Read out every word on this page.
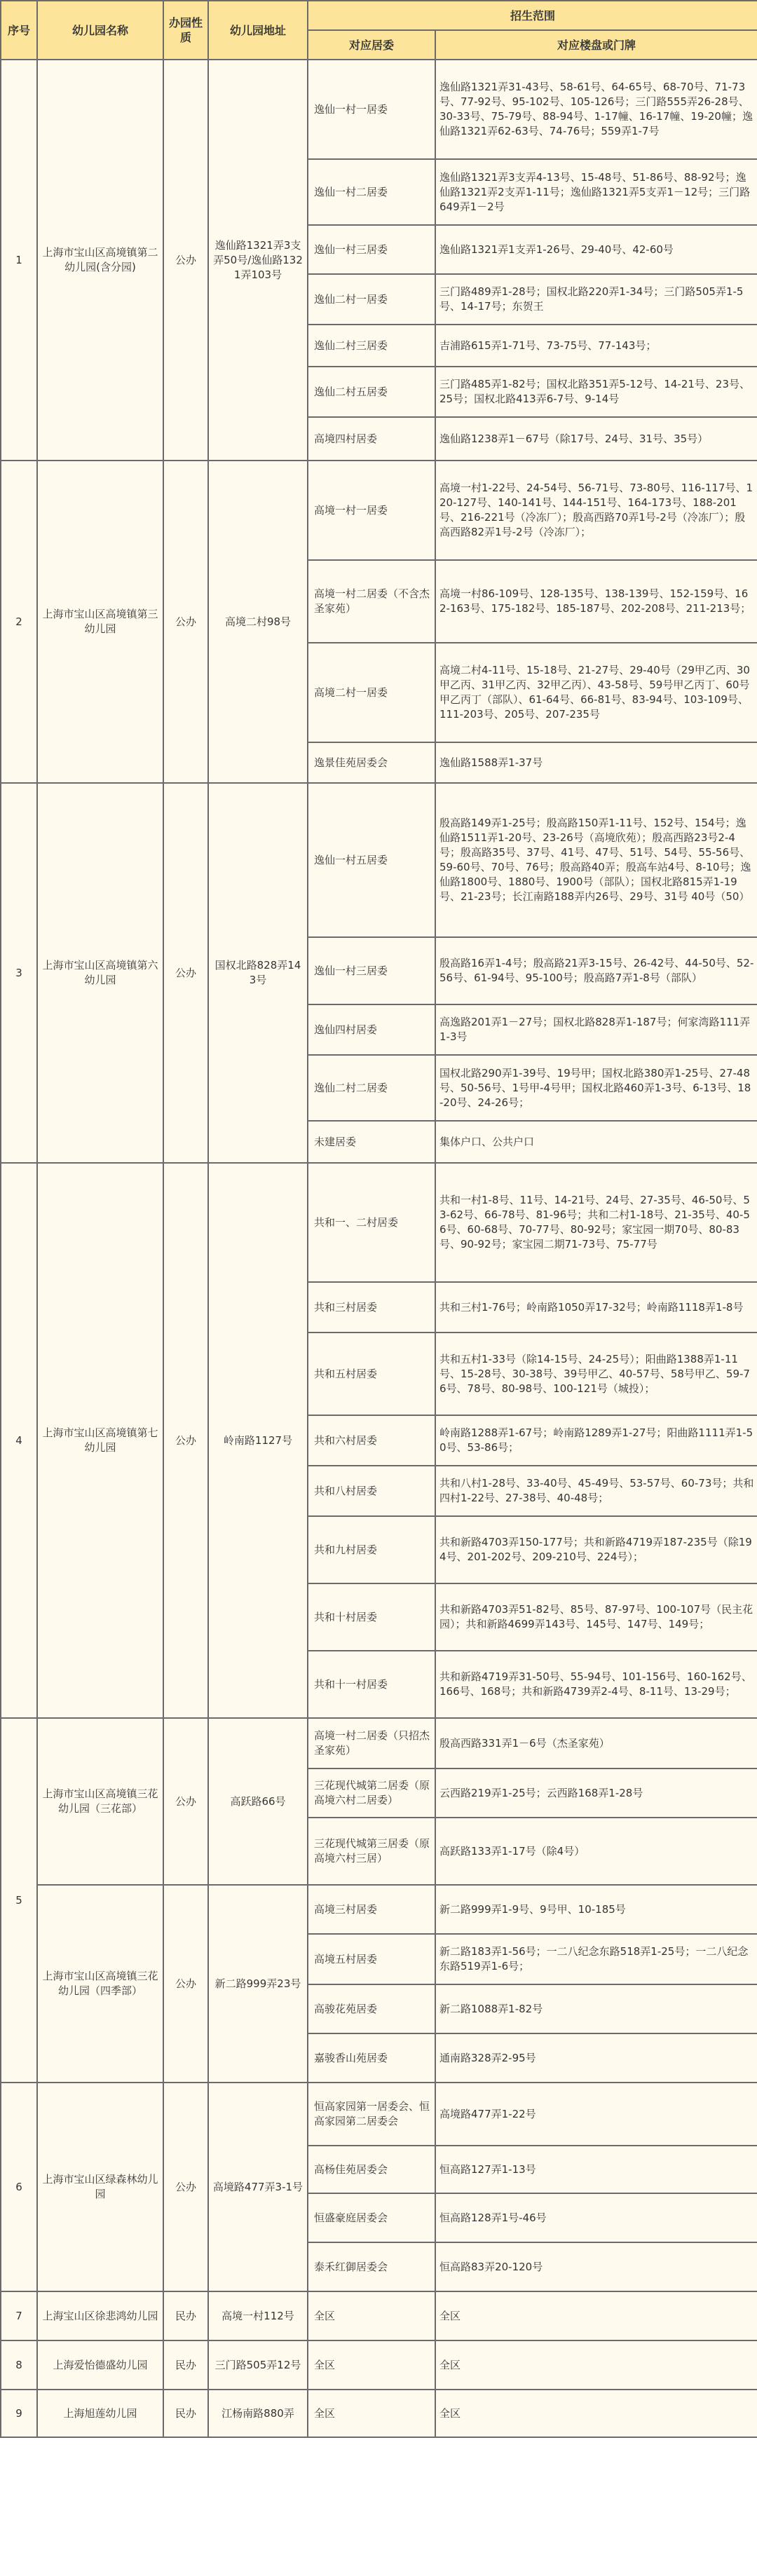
序号	幼儿园名称	办园性质	幼儿园地址	招生范围	
				对应居委	对应楼盘或门牌
1	上海市宝山区高境镇第二幼儿园(含分园)	公办	逸仙路1321弄3支弄50号/逸仙路1321弄103号	逸仙一村一居委	逸仙路1321弄31-43号、58-61号、64-65号、68-70号、71-73号、77-92号、95-102号、105-126号；三门路555弄26-28号、30-33号、75-79号、88-94号、1-17幢、16-17幢、19-20幢；逸仙路1321弄62-63号、74-76号；559弄1-7号
				逸仙一村二居委	逸仙路1321弄3支弄4-13号、15-48号、51-86号、88-92号；逸仙路1321弄2支弄1-11号；逸仙路1321弄5支弄1－12号；三门路649弄1－2号
				逸仙一村三居委	逸仙路1321弄1支弄1-26号、29-40号、42-60号
				逸仙二村一居委	三门路489弄1-28号；国权北路220弄1-34号；三门路505弄1-5号、14-17号；东贺王
				逸仙二村三居委	吉浦路615弄1-71号、73-75号、77-143号；
				逸仙二村五居委	三门路485弄1-82号；国权北路351弄5-12号、14-21号、23号、25号；国权北路413弄6-7号、9-14号
				高境四村居委	逸仙路1238弄1－67号（除17号、24号、31号、35号）
2	上海市宝山区高境镇第三幼儿园	公办	高境二村98号	高境一村一居委	高境一村1-22号、24-54号、56-71号、73-80号、116-117号、120-127号、140-141号、144-151号、164-173号、188-201号、216-221号（冷冻厂）；殷高西路70弄1号-2号（冷冻厂）；殷高西路82弄1号-2号（冷冻厂）；
				高境一村二居委（不含杰圣家苑）	高境一村86-109号、128-135号、138-139号、152-159号、162-163号、175-182号、185-187号、202-208号、211-213号；
				高境二村一居委	高境二村4-11号、15-18号、21-27号、29-40号（29甲乙丙、30甲乙丙、31甲乙丙、32甲乙丙）、43-58号、59号甲乙丙丁、60号甲乙丙丁（部队）、61-64号、66-81号、83-94号、103-109号、111-203号、205号、207-235号
				逸景佳苑居委会	逸仙路1588弄1-37号
3	上海市宝山区高境镇第六幼儿园	公办	国权北路828弄143号	逸仙一村五居委	殷高路149弄1-25号；殷高路150弄1-11号、152号、154号；逸仙路1511弄1-20号、23-26号（高境欣苑）；殷高西路23号2-4号；殷高路35号、37号、41号、47号、51号、54号、55-56号、59-60号、70号、76号；殷高路40弄；殷高车站4号、8-10号；逸仙路1800号、1880号、1900号（部队）；国权北路815弄1-19号、21-23号；长江南路188弄内26号、29号、31号 40号（50）
				逸仙一村三居委	殷高路16弄1-4号；殷高路21弄3-15号、26-42号、44-50号、52-56号、61-94号、95-100号；殷高路7弄1-8号（部队）
				逸仙四村居委	高逸路201弄1－27号；国权北路828弄1-187号；何家湾路111弄1-3号
				逸仙二村二居委	国权北路290弄1-39号、19号甲；国权北路380弄1-25号、27-48号、50-56号、1号甲-4号甲；国权北路460弄1-3号、6-13号、18-20号、24-26号；
				未建居委	集体户口、公共户口
4	上海市宝山区高境镇第七幼儿园	公办	岭南路1127号	共和一、二村居委	共和一村1-8号、11号、14-21号、24号、27-35号、46-50号、53-62号、66-78号、81-96号；共和二村1-18号、21-35号、40-56号、60-68号、70-77号、80-92号；家宝园一期70号、80-83号、90-92号；家宝园二期71-73号、75-77号
				共和三村居委	共和三村1-76号；岭南路1050弄17-32号；岭南路1118弄1-8号
				共和五村居委	共和五村1-33号（除14-15号、24-25号）；阳曲路1388弄1-11号、15-28号、30-38号、39号甲乙、40-57号、58号甲乙、59-76号、78号、80-98号、100-121号（城投）；
				共和六村居委	岭南路1288弄1-67号；岭南路1289弄1-27号；阳曲路1111弄1-50号、53-86号；
				共和八村居委	共和八村1-28号、33-40号、45-49号、53-57号、60-73号；共和四村1-22号、27-38号、40-48号；
				共和九村居委	共和新路4703弄150-177号；共和新路4719弄187-235号（除194号、201-202号、209-210号、224号）；
				共和十村居委	共和新路4703弄51-82号、85号、87-97号、100-107号（民主花园）；共和新路4699弄143号、145号、147号、149号；
				共和十一村居委	共和新路4719弄31-50号、55-94号、101-156号、160-162号、166号、168号；共和新路4739弄2-4号、8-11号、13-29号；
5	上海市宝山区高境镇三花幼儿园（三花部）	公办	高跃路66号	高境一村二居委（只招杰圣家苑）	殷高西路331弄1－6号（杰圣家苑）
				三花现代城第二居委（原高境六村二居委）	云西路219弄1-25号；云西路168弄1-28号
				三花现代城第三居委（原高境六村三居）	高跃路133弄1-17号（除4号）
	上海市宝山区高境镇三花幼儿园（四季部）	公办	新二路999弄23号	高境三村居委	新二路999弄1-9号、9号甲、10-185号
				高境五村居委	新二路183弄1-56号；一二八纪念东路518弄1-25号；一二八纪念东路519弄1-6号；
				高骏花苑居委	新二路1088弄1-82号
				嘉骏香山苑居委	通南路328弄2-95号
6	上海市宝山区绿森林幼儿园	公办	高境路477弄3-1号	恒高家园第一居委会、恒高家园第二居委会	高境路477弄1-22号
				高杨佳苑居委会	恒高路127弄1-13号
				恒盛豪庭居委会	恒高路128弄1号-46号
				泰禾红御居委会	恒高路83弄20-120号
7	上海宝山区徐悲鸿幼儿园	民办	高境一村112号	全区	全区
8	上海爱怡德盛幼儿园	民办	三门路505弄12号	全区	全区
9	上海旭莲幼儿园	民办	江杨南路880弄	全区	全区
